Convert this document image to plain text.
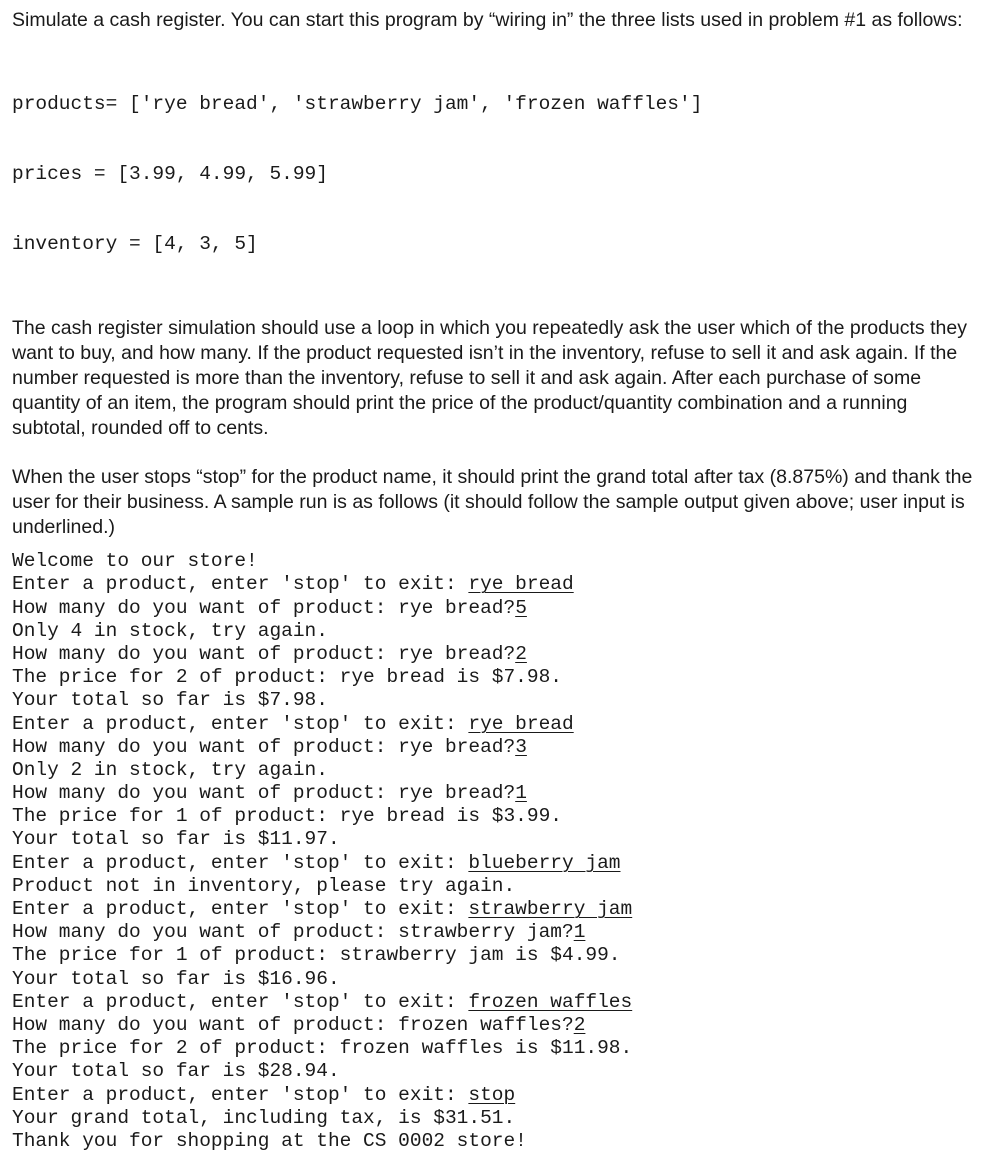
Simulate a cash register. You can start this program by “wiring in” the three lists used in problem #1 as follows:

products= ['rye bread', 'strawberry jam', 'frozen waffles']

prices = [3.99, 4.99, 5.99]

inventory = [4, 3, 5]

The cash register simulation should use a loop in which you repeatedly ask the user which of the products they want to buy, and how many. If the product requested isn’t in the inventory, refuse to sell it and ask again. If the number requested is more than the inventory, refuse to sell it and ask again. After each purchase of some quantity of an item, the program should print the price of the product/quantity combination and a running subtotal, rounded off to cents.

When the user stops “stop” for the product name, it should print the grand total after tax (8.875%) and thank the user for their business. A sample run is as follows (it should follow the sample output given above; user input is underlined.)

Welcome to our store!
Enter a product, enter 'stop' to exit: rye bread
How many do you want of product: rye bread?5
Only 4 in stock, try again.
How many do you want of product: rye bread?2
The price for 2 of product: rye bread is $7.98.
Your total so far is $7.98.
Enter a product, enter 'stop' to exit: rye bread
How many do you want of product: rye bread?3
Only 2 in stock, try again.
How many do you want of product: rye bread?1
The price for 1 of product: rye bread is $3.99.
Your total so far is $11.97.
Enter a product, enter 'stop' to exit: blueberry jam
Product not in inventory, please try again.
Enter a product, enter 'stop' to exit: strawberry jam
How many do you want of product: strawberry jam?1
The price for 1 of product: strawberry jam is $4.99.
Your total so far is $16.96.
Enter a product, enter 'stop' to exit: frozen waffles
How many do you want of product: frozen waffles?2
The price for 2 of product: frozen waffles is $11.98.
Your total so far is $28.94.
Enter a product, enter 'stop' to exit: stop
Your grand total, including tax, is $31.51.
Thank you for shopping at the CS 0002 store!
